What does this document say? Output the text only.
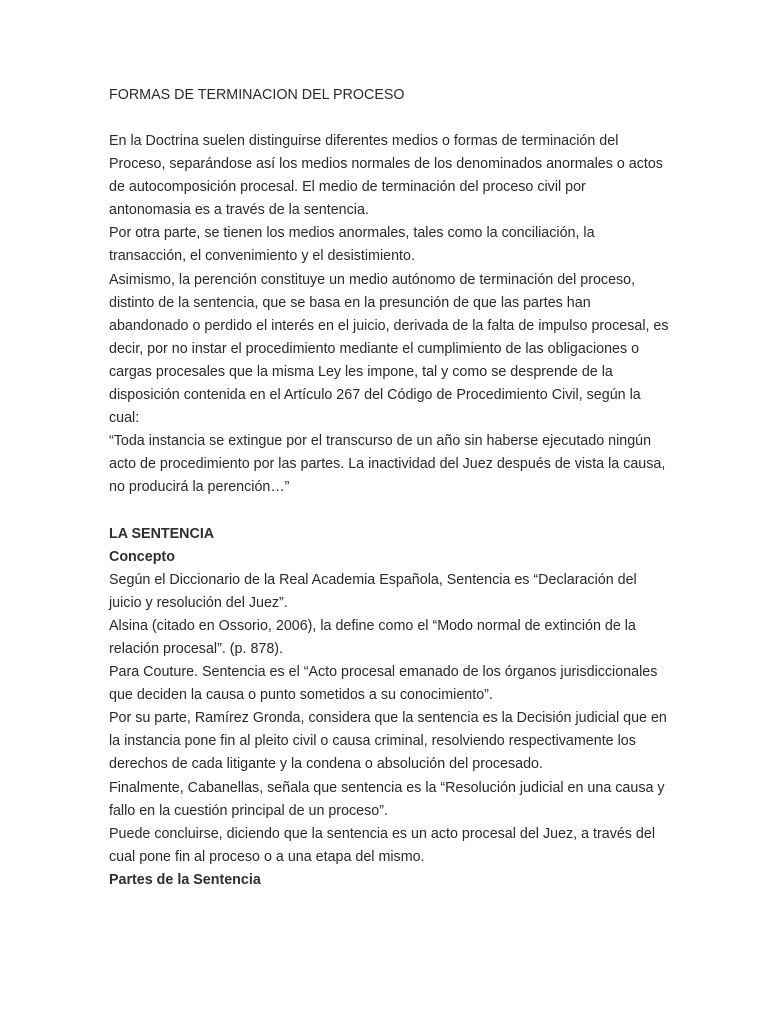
FORMAS DE TERMINACION DEL PROCESO

En la Doctrina suelen distinguirse diferentes medios o formas de terminación del Proceso, separándose así los medios normales de los denominados anormales o actos de autocomposición procesal. El medio de terminación del proceso civil por antonomasia es a través de la sentencia.

Por otra parte, se tienen los medios anormales, tales como la conciliación, la transacción, el convenimiento y el desistimiento.

Asimismo, la perención constituye un medio autónomo de terminación del proceso, distinto de la sentencia, que se basa en la presunción de que las partes han abandonado o perdido el interés en el juicio, derivada de la falta de impulso procesal, es decir, por no instar el procedimiento mediante el cumplimiento de las obligaciones o cargas procesales que la misma Ley les impone, tal y como se desprende de la disposición contenida en el Artículo 267 del Código de Procedimiento Civil, según la cual:

“Toda instancia se extingue por el transcurso de un año sin haberse ejecutado ningún acto de procedimiento por las partes. La inactividad del Juez después de vista la causa, no producirá la perención…”

LA SENTENCIA
Concepto

Según el Diccionario de la Real Academia Española, Sentencia es “Declaración del juicio y resolución del Juez”.

Alsina (citado en Ossorio, 2006), la define como el “Modo normal de extinción de la relación procesal”. (p. 878).

Para Couture. Sentencia es el “Acto procesal emanado de los órganos jurisdiccionales que deciden la causa o punto sometidos a su conocimiento”.

Por su parte, Ramírez Gronda, considera que la sentencia es la Decisión judicial que en la instancia pone fin al pleito civil o causa criminal, resolviendo respectivamente los derechos de cada litigante y la condena o absolución del procesado.

Finalmente, Cabanellas, señala que sentencia es la “Resolución judicial en una causa y fallo en la cuestión principal de un proceso”.

Puede concluirse, diciendo que la sentencia es un acto procesal del Juez, a través del cual pone fin al proceso o a una etapa del mismo.

Partes de la Sentencia
